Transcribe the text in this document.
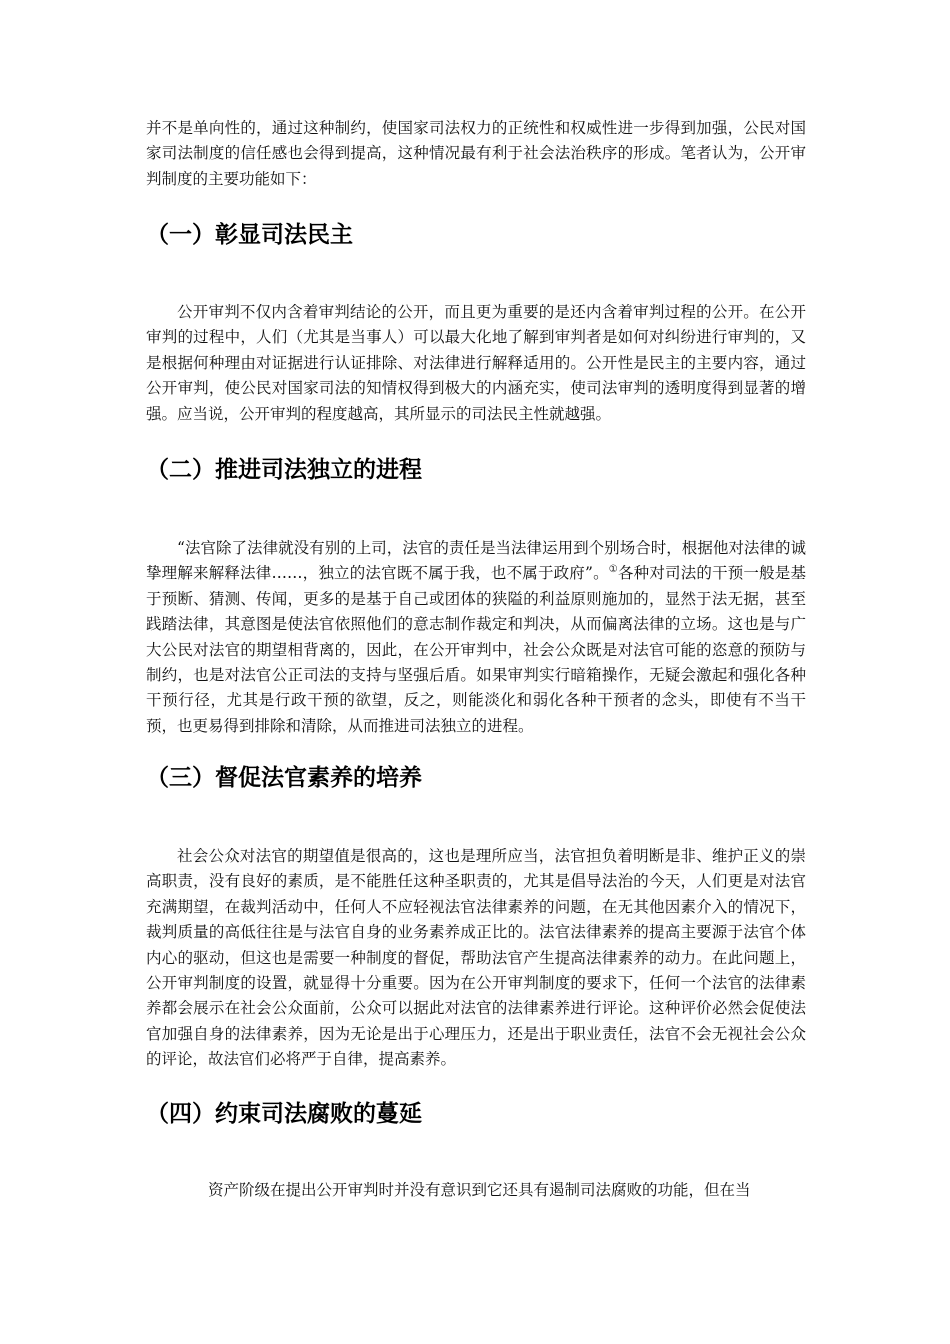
并不是单向性的，通过这种制约，使国家司法权力的正统性和权威性进一步得到加强，公民对国家司法制度的信任感也会得到提高，这种情况最有利于社会法治秩序的形成。笔者认为，公开审判制度的主要功能如下：

（一）彰显司法民主

公开审判不仅内含着审判结论的公开，而且更为重要的是还内含着审判过程的公开。在公开审判的过程中，人们（尤其是当事人）可以最大化地了解到审判者是如何对纠纷进行审判的，又是根据何种理由对证据进行认证排除、对法律进行解释适用的。公开性是民主的主要内容，通过公开审判，使公民对国家司法的知情权得到极大的内涵充实，使司法审判的透明度得到显著的增强。应当说，公开审判的程度越高，其所显示的司法民主性就越强。

（二）推进司法独立的进程

“法官除了法律就没有别的上司，法官的责任是当法律运用到个别场合时，根据他对法律的诚挚理解来解释法律……，独立的法官既不属于我，也不属于政府”。①各种对司法的干预一般是基于预断、猜测、传闻，更多的是基于自己或团体的狭隘的利益原则施加的，显然于法无据，甚至践踏法律，其意图是使法官依照他们的意志制作裁定和判决，从而偏离法律的立场。这也是与广大公民对法官的期望相背离的，因此，在公开审判中，社会公众既是对法官可能的恣意的预防与制约，也是对法官公正司法的支持与坚强后盾。如果审判实行暗箱操作，无疑会激起和强化各种干预行径，尤其是行政干预的欲望，反之，则能淡化和弱化各种干预者的念头，即使有不当干预，也更易得到排除和清除，从而推进司法独立的进程。

（三）督促法官素养的培养

社会公众对法官的期望值是很高的，这也是理所应当，法官担负着明断是非、维护正义的崇高职责，没有良好的素质，是不能胜任这种圣职责的，尤其是倡导法治的今天，人们更是对法官充满期望，在裁判活动中，任何人不应轻视法官法律素养的问题，在无其他因素介入的情况下，裁判质量的高低往往是与法官自身的业务素养成正比的。法官法律素养的提高主要源于法官个体内心的驱动，但这也是需要一种制度的督促，帮助法官产生提高法律素养的动力。在此问题上，公开审判制度的设置，就显得十分重要。因为在公开审判制度的要求下，任何一个法官的法律素养都会展示在社会公众面前，公众可以据此对法官的法律素养进行评论。这种评价必然会促使法官加强自身的法律素养，因为无论是出于心理压力，还是出于职业责任，法官不会无视社会公众的评论，故法官们必将严于自律，提高素养。

（四）约束司法腐败的蔓延

资产阶级在提出公开审判时并没有意识到它还具有遏制司法腐败的功能，但在当
